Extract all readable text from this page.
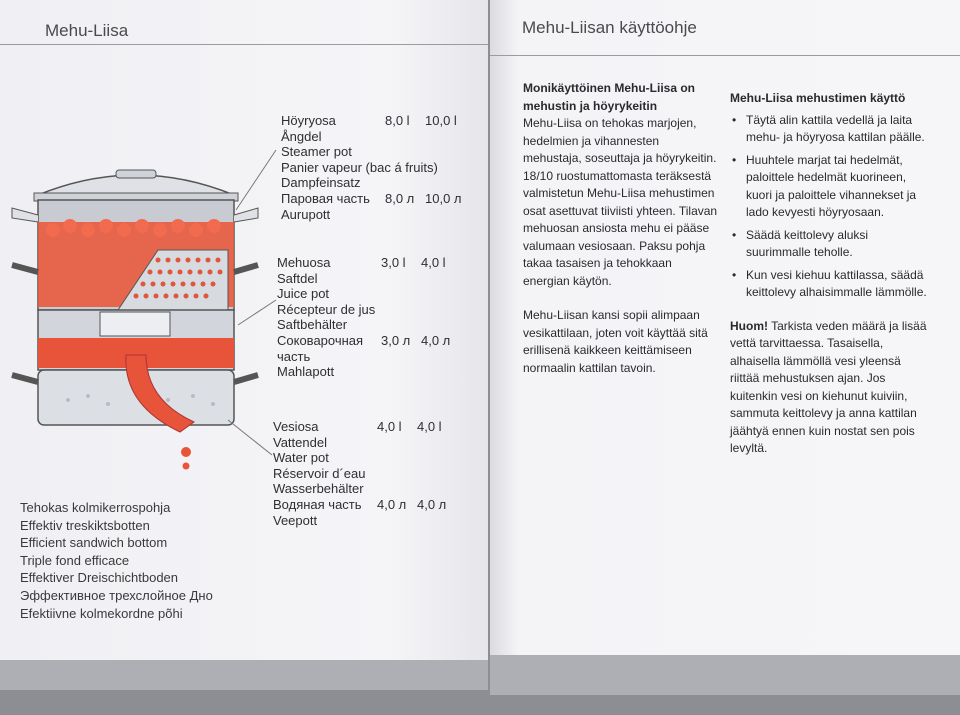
Mehu-Liisa
Höyryosa	8,0 l	10,0 l
Ångdel
Steamer pot
Panier vapeur (bac á fruits)
Dampfeinsatz
Паровая часть	8,0 л 10,0 л
Aurupott
Mehuosa	3,0 l	4,0 l
Saftdel
Juice pot
Récepteur de jus
Saftbehälter
Соковарочная	3,0 л 4,0 л
часть
Mahlapott
Vesiosa	4,0 l	4,0 l
Vattendel
Water pot
Réservoir d´eau
Wasserbehälter
Водяная часть	4,0 л 4,0 л
Veepott
Tehokas kolmikerrospohja
Effektiv treskiktsbotten
Efficient sandwich bottom
Triple fond efficace
Effektiver Dreischichtboden
Эффективное трехслойное Дно
Efektiivne kolmekordne põhi
Mehu-Liisan käyttöohje

Monikäyttöinen Mehu-Liisa on mehustin ja höyrykeitin
Mehu-Liisa on tehokas marjojen, hedelmien ja vihannesten mehustaja, soseuttaja ja höyrykeitin. 18/10 ruostumattomasta teräksestä valmistetun Mehu-Liisa mehustimen osat asettuvat tiiviisti yhteen. Tilavan mehuosan ansiosta mehu ei pääse valumaan vesiosaan. Paksu pohja takaa tasaisen ja tehokkaan energian käytön.

Mehu-Liisan kansi sopii alimpaan vesikattilaan, joten voit käyttää sitä erillisenä kaikkeen keittämiseen normaalin kattilan tavoin.

Mehu-Liisa mehustimen käyttö
• Täytä alin kattila vedellä ja laita mehu- ja höyryosa kattilan päälle.
• Huuhtele marjat tai hedelmät, paloittele hedelmät kuorineen, kuori ja paloittele vihannekset ja lado kevyesti höyryosaan.
• Säädä keittolevy aluksi suurimmalle teholle.
• Kun vesi kiehuu kattilassa, säädä keittolevy alhaisimmalle lämmölle.

Huom! Tarkista veden määrä ja lisää vettä tarvittaessa. Tasaisella, alhaisella lämmöllä vesi yleensä riittää mehustuksen ajan. Jos kuitenkin vesi on kiehunut kuiviin, sammuta keittolevy ja anna kattilan jäähtyä ennen kuin nostat sen pois levyltä.
